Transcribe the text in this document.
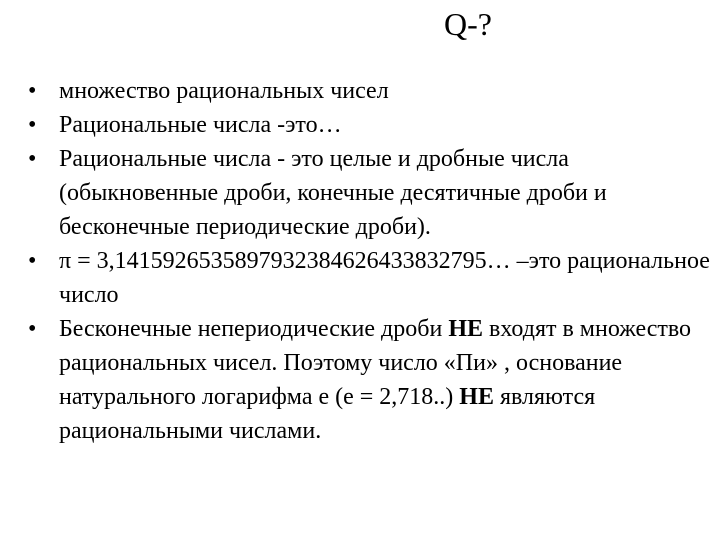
Q-?
• множество рациональных чисел
• Рациональные числа -это…
• Рациональные числа - это целые и дробные числа (обыкновенные дроби, конечные десятичные дроби и бесконечные периодические дроби).
• π = 3,1415926535897932384626433832795… –это рациональное число
• Бесконечные непериодические дроби НЕ входят в множество рациональных чисел. Поэтому число «Пи» , основание натурального логарифма е (е = 2,718..) НЕ являются рациональными числами.
